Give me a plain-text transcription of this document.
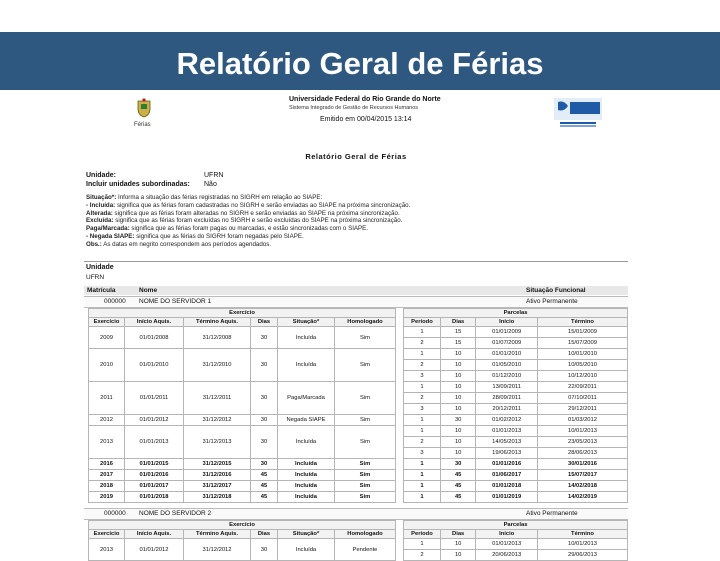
Relatório Geral de Férias
Férias
Universidade Federal do Rio Grande do Norte
Sistema Integrado de Gestão de Recursos Humanos
Emitido em 00/04/2015 13:14
Relatório Geral de Férias
Unidade:	UFRN
Incluir unidades subordinadas: Não
Situação*: Informa a situação das férias registradas no SIGRH em relação ao SIAPE:
- Incluída: significa que as férias foram cadastradas no SIGRH e serão enviadas ao SIAPE na próxima sincronização.
Alterada: significa que as férias foram alteradas no SIGRH e serão enviadas ao SIAPE na próxima sincronização.
Excluída: significa que as férias foram excluídas no SIGRH e serão excluídas do SIAPE na próxima sincronização.
Paga/Marcada: significa que as férias foram pagas ou marcadas, e estão sincronizadas com o SIAPE.
- Negada SIAPE: significa que as férias do SIGRH foram negadas pelo SIAPE.
Obs.: As datas em negrito correspondem aos períodos agendados.
Unidade
UFRN
Matrícula	Nome	Situação Funcional
000000 NOME DO SERVIDOR 1	Ativo Permanente
Exercício					
Exercício	Início Aquis.	Término Aquis.	Dias	Situação*	Homologado
2009	01/01/2008	31/12/2008	30	Incluída	Sim
2010	01/01/2010	31/12/2010	30	Incluída	Sim
2011	01/01/2011	31/12/2011	30	Paga/Marcada	Sim
2012	01/01/2012	31/12/2012	30	Negada SIAPE	Sim
2013	01/01/2013	31/12/2013	30	Incluída	Sim
2016	01/01/2015	31/12/2015	30	Incluída	Sim
2017	01/01/2016	31/12/2016	45	Incluída	Sim
2018	01/01/2017	31/12/2017	45	Incluída	Sim
2019	01/01/2018	31/12/2018	45	Incluída	Sim
Parcelas			
Período	Dias	Início	Término
1	15	01/01/2009	15/01/2009
2	15	01/07/2009	15/07/2009
1	10	01/01/2010	10/01/2010
2	10	01/05/2010	10/05/2010
3	10	01/12/2010	10/12/2010
1	10	13/09/2011	22/09/2011
2	10	28/09/2011	07/10/2011
3	10	20/12/2011	29/12/2011
1	30	01/02/2012	01/03/2012
1	10	01/01/2013	10/01/2013
2	10	14/05/2013	23/05/2013
3	10	19/06/2013	28/06/2013
1	30	01/01/2016	30/01/2016
1	45	01/06/2017	15/07/2017
1	45	01/01/2018	14/02/2018
1	45	01/01/2019	14/02/2019
000000 NOME DO SERVIDOR 2	Ativo Permanente
Exercício					
Exercício	Início Aquis.	Término Aquis.	Dias	Situação*	Homologado
2013	01/01/2012	31/12/2012	30	Incluída	Pendente
Parcelas			
Período	Dias	Início	Término
1	10	01/01/2013	10/01/2013
2	10	20/06/2013	29/06/2013
